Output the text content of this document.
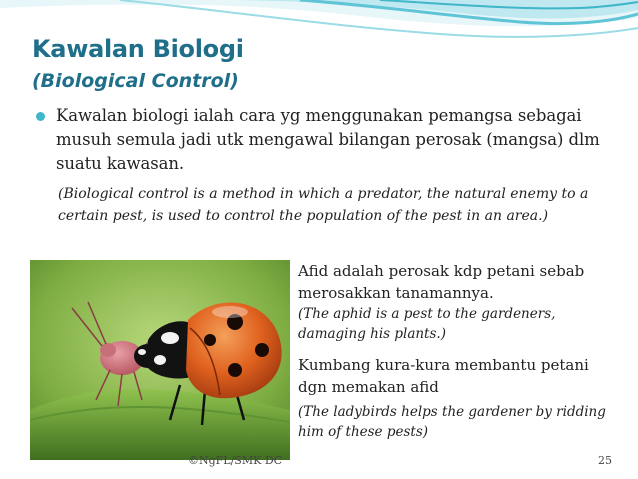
Kawalan Biologi
(Biological Control)
Kawalan biologi ialah cara yg menggunakan pemangsa sebagai musuh semula jadi utk mengawal bilangan perosak (mangsa) dlm suatu kawasan.
(Biological control is a method in which a predator, the natural enemy to a certain pest, is used to control the population of the pest in an area.)
Afid adalah perosak kdp petani sebab merosakkan tanamannya.
(The aphid is a pest to the gardeners, damaging his plants.)
Kumbang kura-kura membantu petani dgn memakan afid
(The ladybirds helps the gardener by ridding him of these pests)
©NgFL/SMK DC	25
